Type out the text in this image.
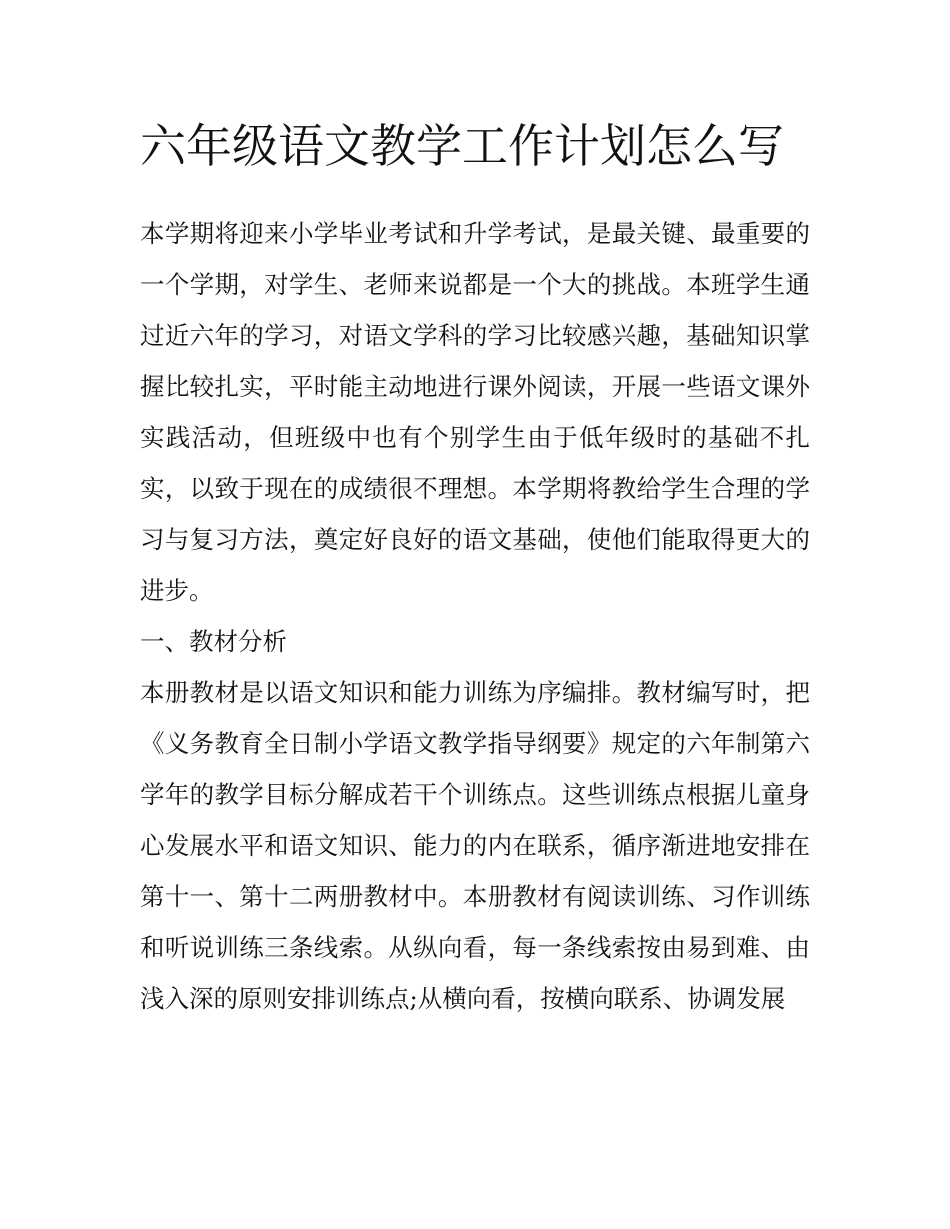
六年级语文教学工作计划怎么写

本学期将迎来小学毕业考试和升学考试，是最关键、最重要的一个学期，对学生、老师来说都是一个大的挑战。本班学生通过近六年的学习，对语文学科的学习比较感兴趣，基础知识掌握比较扎实，平时能主动地进行课外阅读，开展一些语文课外实践活动，但班级中也有个别学生由于低年级时的基础不扎实，以致于现在的成绩很不理想。本学期将教给学生合理的学习与复习方法，奠定好良好的语文基础，使他们能取得更大的进步。

一、教材分析

本册教材是以语文知识和能力训练为序编排。教材编写时，把《义务教育全日制小学语文教学指导纲要》规定的六年制第六学年的教学目标分解成若干个训练点。这些训练点根据儿童身心发展水平和语文知识、能力的内在联系，循序渐进地安排在第十一、第十二两册教材中。本册教材有阅读训练、习作训练和听说训练三条线索。从纵向看，每一条线索按由易到难、由浅入深的原则安排训练点;从横向看，按横向联系、协调发展
